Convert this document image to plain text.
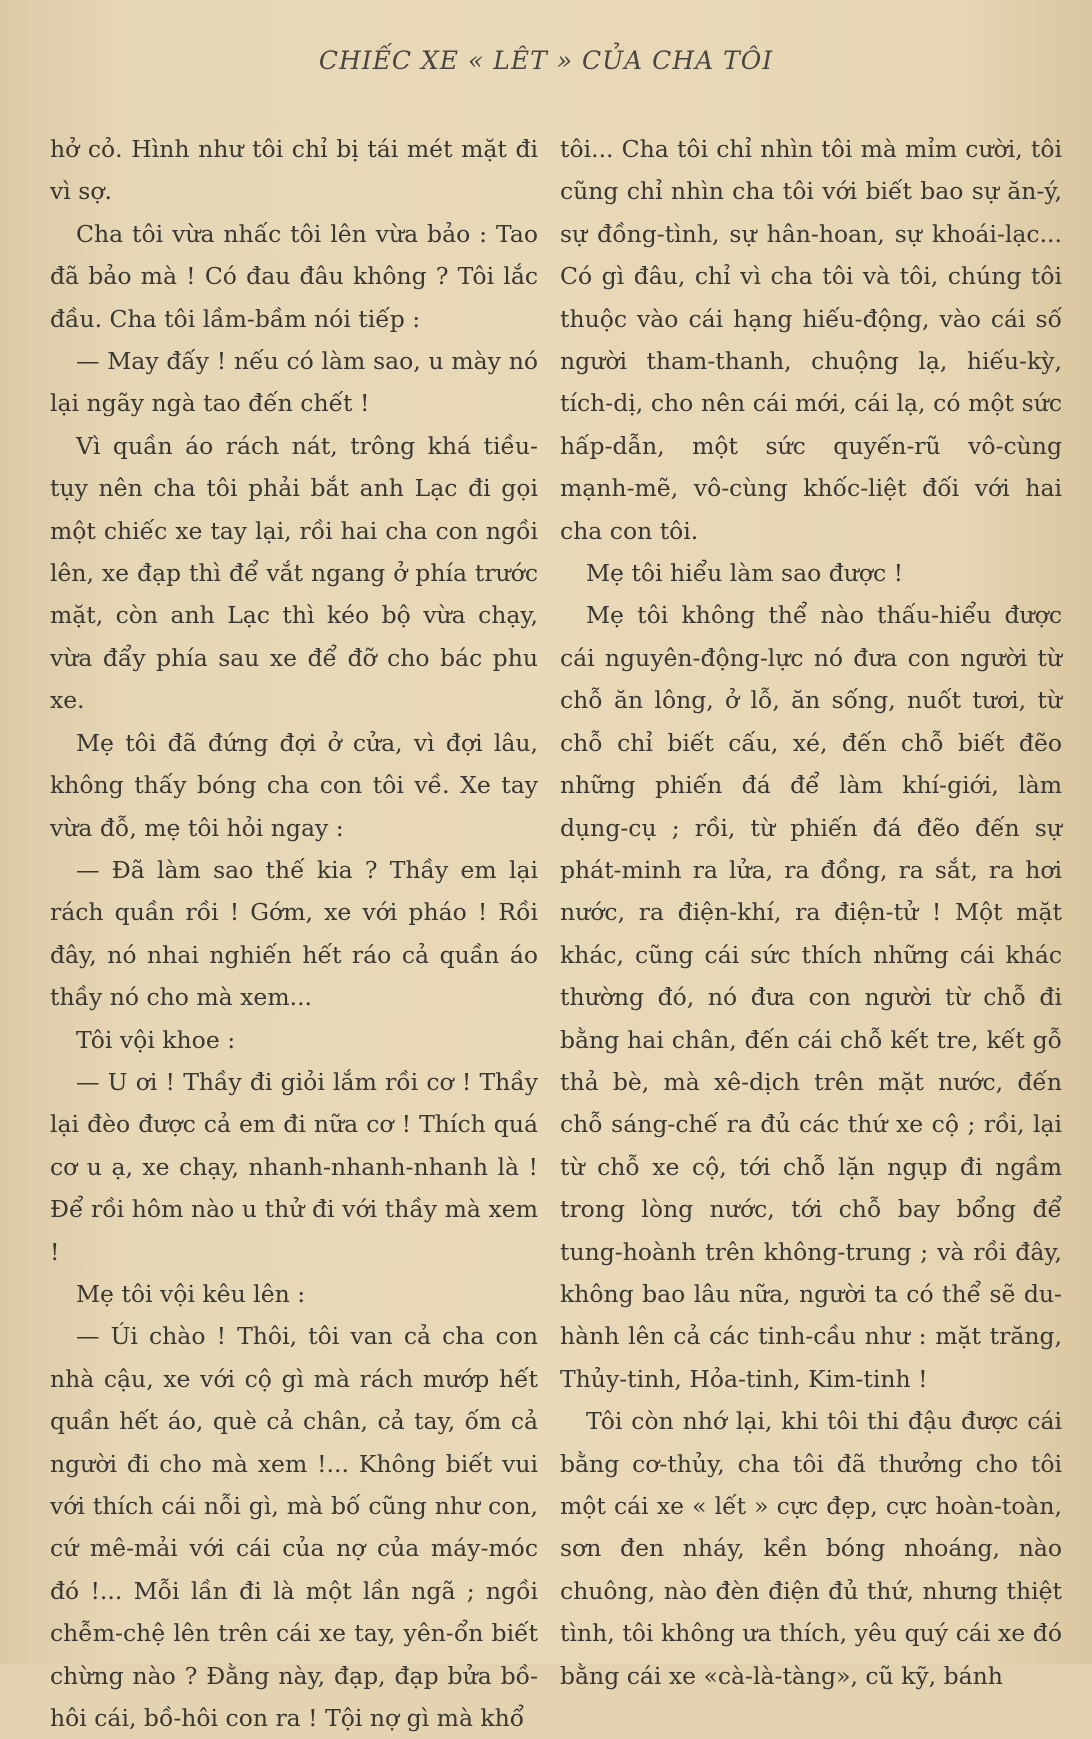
CHIẾC XE « LÊT » CỦA CHA TÔI

hở cỏ. Hình như tôi chỉ bị tái mét mặt đi vì sợ.

Cha tôi vừa nhấc tôi lên vừa bảo : Tao đã bảo mà ! Có đau đâu không ? Tôi lắc đầu. Cha tôi lầm-bầm nói tiếp :

— May đấy ! nếu có làm sao, u mày nó lại ngãy ngà tao đến chết !

Vì quần áo rách nát, trông khá tiều-tụy nên cha tôi phải bắt anh Lạc đi gọi một chiếc xe tay lại, rồi hai cha con ngồi lên, xe đạp thì để vắt ngang ở phía trước mặt, còn anh Lạc thì kéo bộ vừa chạy, vừa đẩy phía sau xe để đỡ cho bác phu xe.

Mẹ tôi đã đứng đợi ở cửa, vì đợi lâu, không thấy bóng cha con tôi về. Xe tay vừa đỗ, mẹ tôi hỏi ngay :

— Đã làm sao thế kia ? Thầy em lại rách quần rồi ! Gớm, xe với pháo ! Rồi đây, nó nhai nghiến hết ráo cả quần áo thầy nó cho mà xem...

Tôi vội khoe :

— U ơi ! Thầy đi giỏi lắm rồi cơ ! Thầy lại đèo được cả em đi nữa cơ ! Thích quá cơ u ạ, xe chạy, nhanh-nhanh-nhanh là ! Để rồi hôm nào u thử đi với thầy mà xem !

Mẹ tôi vội kêu lên :

— Úi chào ! Thôi, tôi van cả cha con nhà cậu, xe với cộ gì mà rách mướp hết quần hết áo, què cả chân, cả tay, ốm cả người đi cho mà xem !... Không biết vui với thích cái nỗi gì, mà bố cũng như con, cứ mê-mải với cái của nợ của máy-móc đó !... Mỗi lần đi là một lần ngã ; ngồi chễm-chệ lên trên cái xe tay, yên-ổn biết chừng nào ? Đằng này, đạp, đạp bửa bồ-hôi cái, bồ-hôi con ra ! Tội nợ gì mà khổ

tôi... Cha tôi chỉ nhìn tôi mà mỉm cười, tôi cũng chỉ nhìn cha tôi với biết bao sự ăn-ý, sự đồng-tình, sự hân-hoan, sự khoái-lạc... Có gì đâu, chỉ vì cha tôi và tôi, chúng tôi thuộc vào cái hạng hiếu-động, vào cái số người tham-thanh, chuộng lạ, hiếu-kỳ, tích-dị, cho nên cái mới, cái lạ, có một sức hấp-dẫn, một sức quyến-rũ vô-cùng mạnh-mẽ, vô-cùng khốc-liệt đối với hai cha con tôi.

Mẹ tôi hiểu làm sao được !

Mẹ tôi không thể nào thấu-hiểu được cái nguyên-động-lực nó đưa con người từ chỗ ăn lông, ở lỗ, ăn sống, nuốt tươi, từ chỗ chỉ biết cấu, xé, đến chỗ biết đẽo những phiến đá để làm khí-giới, làm dụng-cụ ; rồi, từ phiến đá đẽo đến sự phát-minh ra lửa, ra đồng, ra sắt, ra hơi nước, ra điện-khí, ra điện-tử ! Một mặt khác, cũng cái sức thích những cái khác thường đó, nó đưa con người từ chỗ đi bằng hai chân, đến cái chỗ kết tre, kết gỗ thả bè, mà xê-dịch trên mặt nước, đến chỗ sáng-chế ra đủ các thứ xe cộ ; rồi, lại từ chỗ xe cộ, tới chỗ lặn ngụp đi ngầm trong lòng nước, tới chỗ bay bổng để tung-hoành trên không-trung ; và rồi đây, không bao lâu nữa, người ta có thể sẽ du-hành lên cả các tinh-cầu như : mặt trăng, Thủy-tinh, Hỏa-tinh, Kim-tinh !

Tôi còn nhớ lại, khi tôi thi đậu được cái bằng cơ-thủy, cha tôi đã thưởng cho tôi một cái xe « lết » cực đẹp, cực hoàn-toàn, sơn đen nháy, kền bóng nhoáng, nào chuông, nào đèn điện đủ thứ, nhưng thiệt tình, tôi không ưa thích, yêu quý cái xe đó bằng cái xe «cà-là-tàng», cũ kỹ, bánh
